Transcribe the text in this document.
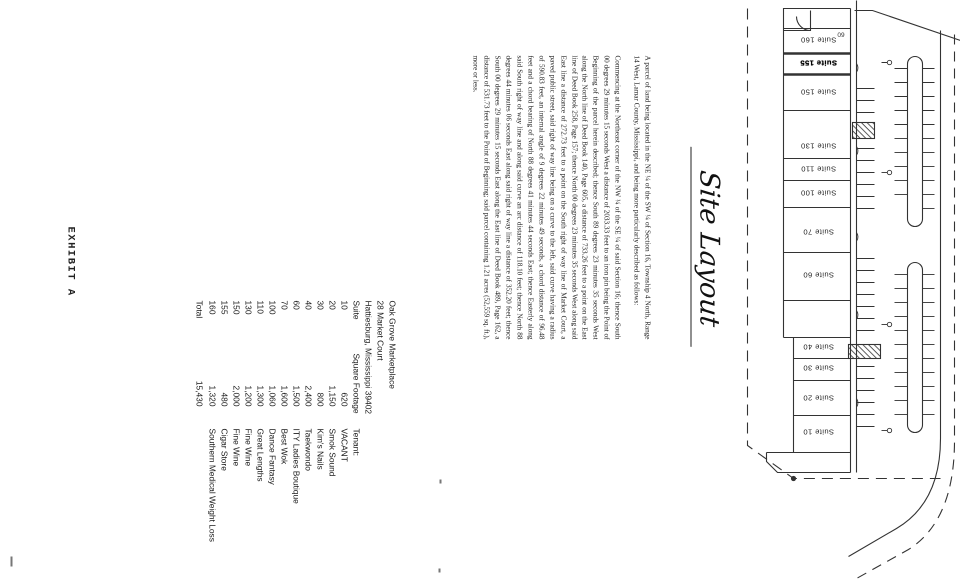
Suite 160
Suite 155
Suite 150
Suite 130
Suite 110
Suite 100
Suite 70
Suite 60
Suite 40
Suite 30
Suite 20
Suite 10
60
Site Layout

A parcel of land being located in the NE ¼ of the SW ¼ of Section 16, Township 4 North, Range 14 West, Lamar County, Mississippi, and being more particularly described as follows:

Commencing at the Northeast corner of the NW ¼ of the SE ¼ of said Section 16; thence South 00 degrees 29 minutes 15 seconds West a distance of 2033.33 feet to an iron pin being the Point of Beginning of the parcel herein described; thence South 89 degrees 23 minutes 35 seconds West along the North line of Deed Book 140, Page 605, a distance of 733.26 feet to a point on the East line of Deed Book 258, Page 157; thence North 00 degrees 23 minutes 35 seconds West along said East line a distance of 272.73 feet to a point on the South right of way line of Market Court, a paved public street, said right of way line being on a curve to the left, said curve having a radius of 590.83 feet, an internal angle of 9 degrees 22 minutes 49 seconds, a chord distance of 96.48 feet and a chord bearing of North 88 degrees 41 minutes 44 seconds East; thence Easterly along said South right of way line and along said curve an arc distance of 118.10 feet; thence North 88 degrees 44 minutes 06 seconds East along said right of way line a distance of 352.20 feet; thence South 00 degrees 29 minutes 15 seconds East along the East line of Deed Book 489, Page 162, a distance of 531.73 feet to the Point of Beginning; said parcel containing 1.21 acres (52,559 sq. ft.), more or less.

Oak Grove Marketplace
28 Market Court
Hattiesburg, Mississippi 39402
Suite
Square Footage
Tenant:
10
620
VACANT
20
1,150
Smok Sound
30
800
Kim's Nails
40
2,400
Taekwondo
60
1,500
ITY Ladies Boutique
70
1,600
Best Wok
100
1,060
Dance Fantasy
110
1,300
Great Lengths
130
1,200
Fine Wine
150
2,000
Fine Wine
155
480
Cigar Store
160
1,320
Southern Medical Weight Loss
Total
15,430
EXHIBIT A
